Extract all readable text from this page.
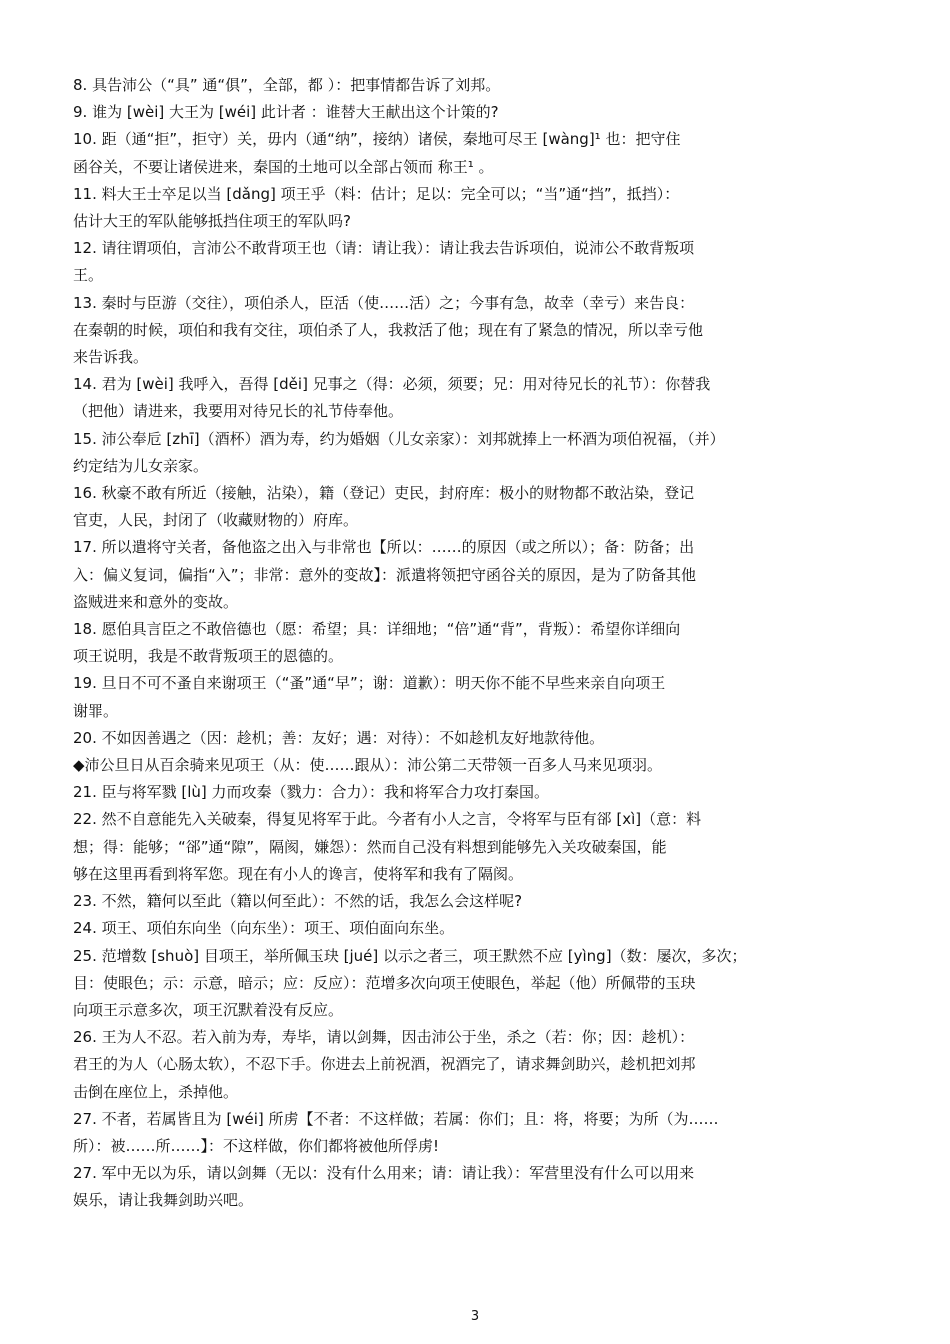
8. 具告沛公（“具” 通“俱”，全部，都 ）：把事情都告诉了刘邦。

9. 谁为 [wèi] 大王为 [wéi] 此计者 ：谁替大王献出这个计策的?

10. 距（通“拒”，拒守）关，毋内（通“纳”，接纳）诸侯，秦地可尽王 [wàng]¹ 也：把守住
函谷关，不要让诸侯进来，秦国的土地可以全部占领而 称王¹ 。

11. 料大王士卒足以当 [dǎng] 项王乎（料：估计；足以：完全可以；“当”通“挡”，抵挡）：
估计大王的军队能够抵挡住项王的军队吗?

12. 请往谓项伯，言沛公不敢背项王也（请：请让我）：请让我去告诉项伯，说沛公不敢背叛项
王。

13. 秦时与臣游（交往），项伯杀人，臣活（使……活）之；今事有急，故幸（幸亏）来告良：
在秦朝的时候，项伯和我有交往，项伯杀了人，我救活了他；现在有了紧急的情况，所以幸亏他
来告诉我。

14. 君为 [wèi] 我呼入，吾得 [děi] 兄事之（得：必须，须要；兄：用对待兄长的礼节）：你替我
（把他）请进来，我要用对待兄长的礼节侍奉他。

15. 沛公奉卮 [zhī]（酒杯）酒为寿，约为婚姻（儿女亲家）：刘邦就捧上一杯酒为项伯祝福，（并）
约定结为儿女亲家。

16. 秋豪不敢有所近（接触，沾染），籍（登记）吏民，封府库：极小的财物都不敢沾染，登记
官吏，人民，封闭了（收藏财物的）府库。

17. 所以遣将守关者，备他盗之出入与非常也【所以：……的原因（或之所以）；备：防备；出
入：偏义复词，偏指“入”；非常：意外的变故】：派遣将领把守函谷关的原因，是为了防备其他
盗贼进来和意外的变故。

18. 愿伯具言臣之不敢倍德也（愿：希望；具：详细地；“倍”通“背”，背叛）：希望你详细向
项王说明，我是不敢背叛项王的恩德的。

19. 旦日不可不蚤自来谢项王（“蚤”通“早”；谢：道歉）：明天你不能不早些来亲自向项王
谢罪。

20. 不如因善遇之（因：趁机；善：友好；遇：对待）：不如趁机友好地款待他。

◆沛公旦日从百余骑来见项王（从：使……跟从）：沛公第二天带领一百多人马来见项羽。

21. 臣与将军戮 [lù] 力而攻秦（戮力：合力）：我和将军合力攻打秦国。

22. 然不自意能先入关破秦，得复见将军于此。今者有小人之言，令将军与臣有郤 [xì]（意：料
想；得：能够；“郤”通“隙”，隔阂，嫌怨）：然而自己没有料想到能够先入关攻破秦国，能
够在这里再看到将军您。现在有小人的谗言，使将军和我有了隔阂。

23. 不然，籍何以至此（籍以何至此）：不然的话，我怎么会这样呢?

24. 项王、项伯东向坐（向东坐）：项王、项伯面向东坐。

25. 范增数 [shuò] 目项王，举所佩玉玦 [jué] 以示之者三，项王默然不应 [yìng]（数：屡次，多次；
目：使眼色；示：示意，暗示；应：反应）：范增多次向项王使眼色，举起（他）所佩带的玉玦
向项王示意多次，项王沉默着没有反应。

26. 王为人不忍。若入前为寿，寿毕，请以剑舞，因击沛公于坐，杀之（若：你；因：趁机）：
君王的为人（心肠太软），不忍下手。你进去上前祝酒，祝酒完了，请求舞剑助兴，趁机把刘邦
击倒在座位上，杀掉他。

27. 不者，若属皆且为 [wéi] 所虏【不者：不这样做；若属：你们；且：将，将要；为所（为……
所）：被……所……】：不这样做，你们都将被他所俘虏!

27. 军中无以为乐，请以剑舞（无以：没有什么用来；请：请让我）：军营里没有什么可以用来
娱乐，请让我舞剑助兴吧。

3
